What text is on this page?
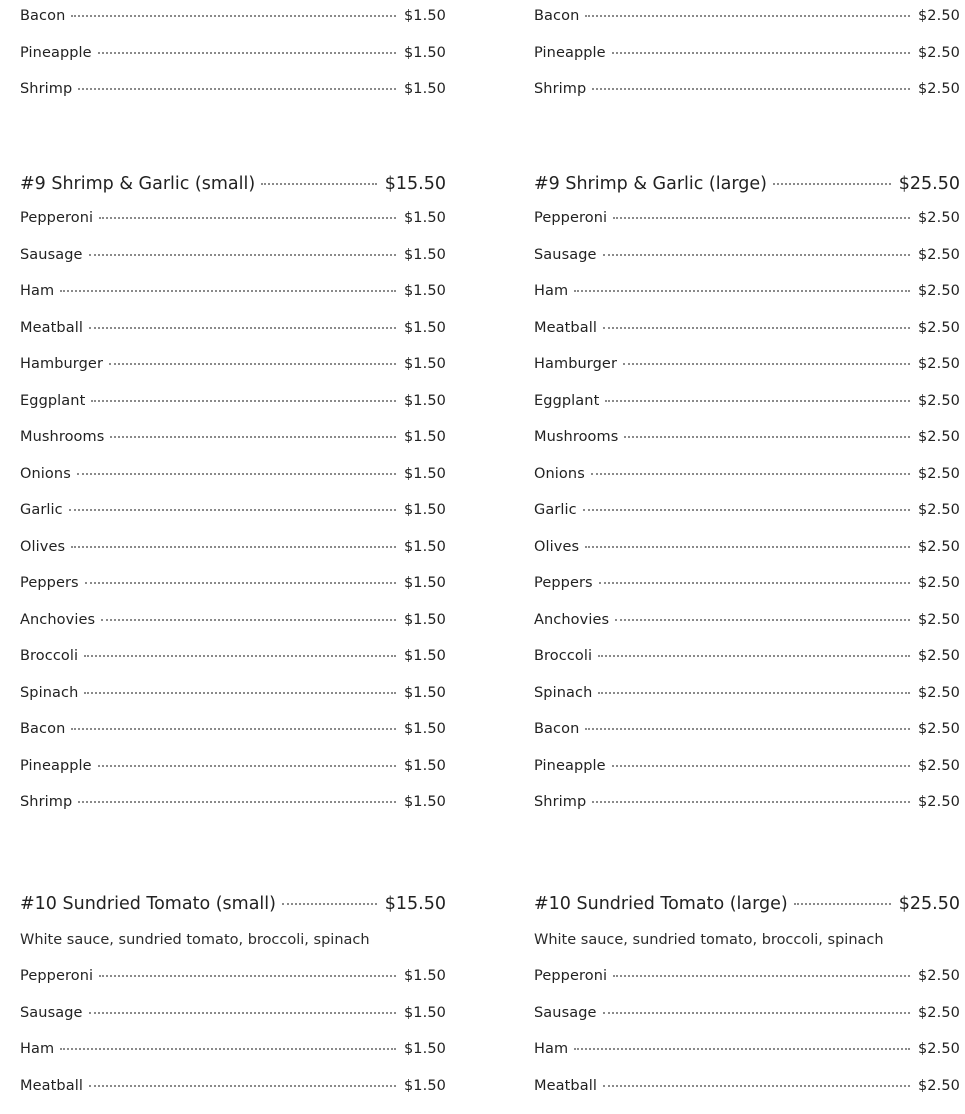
Bacon	$1.50
Pineapple	$1.50
Shrimp	$1.50
#9 Shrimp & Garlic (small)	$15.50
Pepperoni	$1.50
Sausage	$1.50
Ham	$1.50
Meatball	$1.50
Hamburger	$1.50
Eggplant	$1.50
Mushrooms	$1.50
Onions	$1.50
Garlic	$1.50
Olives	$1.50
Peppers	$1.50
Anchovies	$1.50
Broccoli	$1.50
Spinach	$1.50
Bacon	$1.50
Pineapple	$1.50
Shrimp	$1.50
#10 Sundried Tomato (small)	$15.50
White sauce, sundried tomato, broccoli, spinach
Pepperoni	$1.50
Sausage	$1.50
Ham	$1.50
Meatball	$1.50
Bacon	$2.50
Pineapple	$2.50
Shrimp	$2.50
#9 Shrimp & Garlic (large)	$25.50
Pepperoni	$2.50
Sausage	$2.50
Ham	$2.50
Meatball	$2.50
Hamburger	$2.50
Eggplant	$2.50
Mushrooms	$2.50
Onions	$2.50
Garlic	$2.50
Olives	$2.50
Peppers	$2.50
Anchovies	$2.50
Broccoli	$2.50
Spinach	$2.50
Bacon	$2.50
Pineapple	$2.50
Shrimp	$2.50
#10 Sundried Tomato (large)	$25.50
White sauce, sundried tomato, broccoli, spinach
Pepperoni	$2.50
Sausage	$2.50
Ham	$2.50
Meatball	$2.50
